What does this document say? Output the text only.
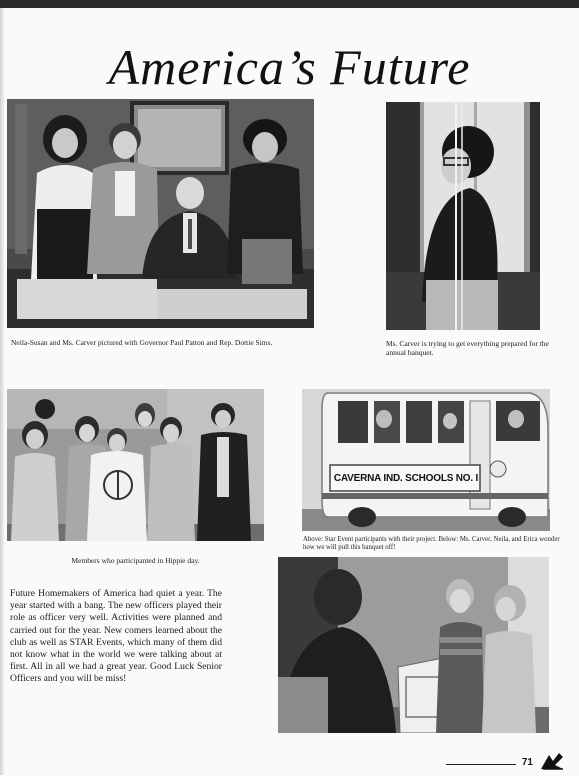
America’s Future
Neila-Susan and Ms. Carver pictured with Governor Paul Patton and Rep. Dottie Sims.	Ms. Carver is trying to get everything prepared for the annual banquet.
Members who participanted in Hippie day.
CAVERNA IND. SCHOOLS NO. I
Above: Star Event participants with their project. Below: Ms. Carver, Neila, and Erica wonder how we will pull this banquet off!
Future Homemakers of America had quiet a year. The year started with a bang. The new officers played their role as officer very well. Activities were planned and carried out for the year. New comers learned about the club as well as STAR Events, which many of them did not know what in the world we were talking about at first. All in all we had a great year. Good Luck Senior Officers and you will be miss!
71
